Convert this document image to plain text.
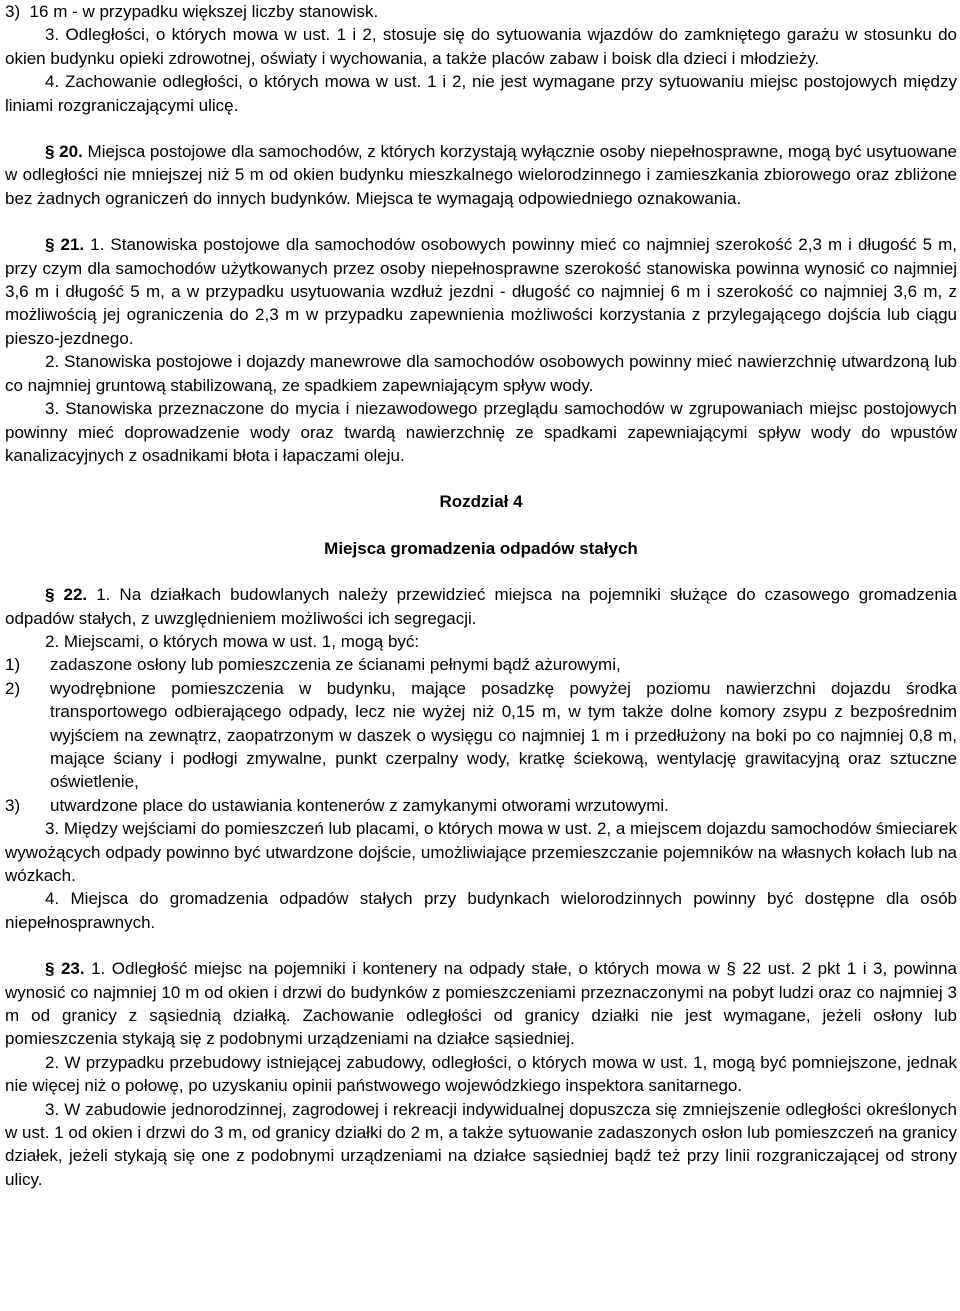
3)  16 m - w przypadku większej liczby stanowisk.

3. Odległości, o których mowa w ust. 1 i 2, stosuje się do sytuowania wjazdów do zamkniętego garażu w stosunku do okien budynku opieki zdrowotnej, oświaty i wychowania, a także placów zabaw i boisk dla dzieci i młodzieży.

4. Zachowanie odległości, o których mowa w ust. 1 i 2, nie jest wymagane przy sytuowaniu miejsc postojowych między liniami rozgraniczającymi ulicę.

§ 20. Miejsca postojowe dla samochodów, z których korzystają wyłącznie osoby niepełnosprawne, mogą być usytuowane w odległości nie mniejszej niż 5 m od okien budynku mieszkalnego wielorodzinnego i zamieszkania zbiorowego oraz zbliżone bez żadnych ograniczeń do innych budynków. Miejsca te wymagają odpowiedniego oznakowania.

§ 21. 1. Stanowiska postojowe dla samochodów osobowych powinny mieć co najmniej szerokość 2,3 m i długość 5 m, przy czym dla samochodów użytkowanych przez osoby niepełnosprawne szerokość stanowiska powinna wynosić co najmniej 3,6 m i długość 5 m, a w przypadku usytuowania wzdłuż jezdni - długość co najmniej 6 m i szerokość co najmniej 3,6 m, z możliwością jej ograniczenia do 2,3 m w przypadku zapewnienia możliwości korzystania z przylegającego dojścia lub ciągu pieszo-jezdnego.

2. Stanowiska postojowe i dojazdy manewrowe dla samochodów osobowych powinny mieć nawierzchnię utwardzoną lub co najmniej gruntową stabilizowaną, ze spadkiem zapewniającym spływ wody.

3. Stanowiska przeznaczone do mycia i niezawodowego przeglądu samochodów w zgrupowaniach miejsc postojowych powinny mieć doprowadzenie wody oraz twardą nawierzchnię ze spadkami zapewniającymi spływ wody do wpustów kanalizacyjnych z osadnikami błota i łapaczami oleju.

Rozdział 4

Miejsca gromadzenia odpadów stałych

§ 22. 1. Na działkach budowlanych należy przewidzieć miejsca na pojemniki służące do czasowego gromadzenia odpadów stałych, z uwzględnieniem możliwości ich segregacji.

2. Miejscami, o których mowa w ust. 1, mogą być:

1) zadaszone osłony lub pomieszczenia ze ścianami pełnymi bądź ażurowymi,

2) wyodrębnione pomieszczenia w budynku, mające posadzkę powyżej poziomu nawierzchni dojazdu środka transportowego odbierającego odpady, lecz nie wyżej niż 0,15 m, w tym także dolne komory zsypu z bezpośrednim wyjściem na zewnątrz, zaopatrzonym w daszek o wysięgu co najmniej 1 m i przedłużony na boki po co najmniej 0,8 m, mające ściany i podłogi zmywalne, punkt czerpalny wody, kratkę ściekową, wentylację grawitacyjną oraz sztuczne oświetlenie,

3) utwardzone place do ustawiania kontenerów z zamykanymi otworami wrzutowymi.

3. Między wejściami do pomieszczeń lub placami, o których mowa w ust. 2, a miejscem dojazdu samochodów śmieciarek wywożących odpady powinno być utwardzone dojście, umożliwiające przemieszczanie pojemników na własnych kołach lub na wózkach.

4. Miejsca do gromadzenia odpadów stałych przy budynkach wielorodzinnych powinny być dostępne dla osób niepełnosprawnych.

§ 23. 1. Odległość miejsc na pojemniki i kontenery na odpady stałe, o których mowa w § 22 ust. 2 pkt 1 i 3, powinna wynosić co najmniej 10 m od okien i drzwi do budynków z pomieszczeniami przeznaczonymi na pobyt ludzi oraz co najmniej 3 m od granicy z sąsiednią działką. Zachowanie odległości od granicy działki nie jest wymagane, jeżeli osłony lub pomieszczenia stykają się z podobnymi urządzeniami na działce sąsiedniej.

2. W przypadku przebudowy istniejącej zabudowy, odległości, o których mowa w ust. 1, mogą być pomniejszone, jednak nie więcej niż o połowę, po uzyskaniu opinii państwowego wojewódzkiego inspektora sanitarnego.

3. W zabudowie jednorodzinnej, zagrodowej i rekreacji indywidualnej dopuszcza się zmniejszenie odległości określonych w ust. 1 od okien i drzwi do 3 m, od granicy działki do 2 m, a także sytuowanie zadaszonych osłon lub pomieszczeń na granicy działek, jeżeli stykają się one z podobnymi urządzeniami na działce sąsiedniej bądź też przy linii rozgraniczającej od strony ulicy.
